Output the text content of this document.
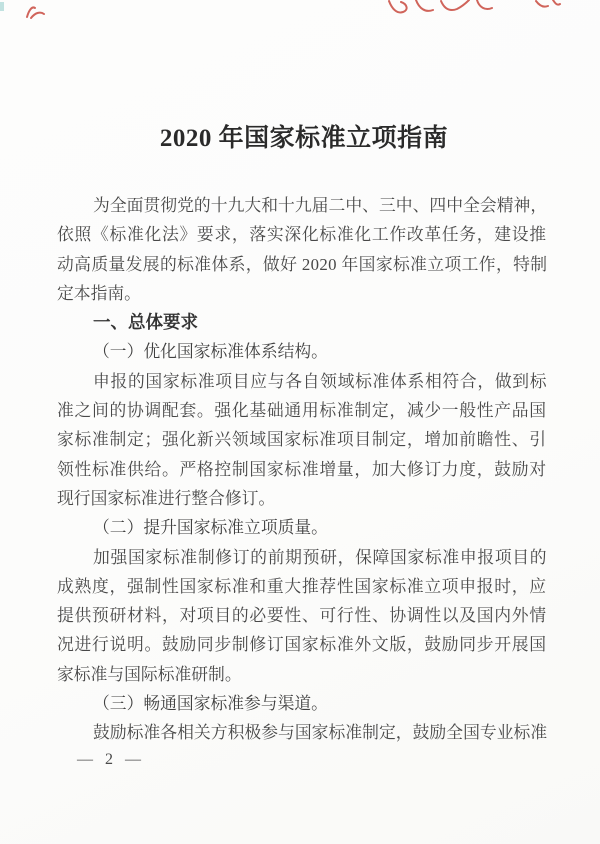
2020 年国家标准立项指南
为全面贯彻党的十九大和十九届二中、三中、四中全会精神，
依照《标准化法》要求，落实深化标准化工作改革任务，建设推
动高质量发展的标准体系，做好 2020 年国家标准立项工作，特制
定本指南。
一、总体要求
（一）优化国家标准体系结构。
申报的国家标准项目应与各自领域标准体系相符合，做到标
准之间的协调配套。强化基础通用标准制定，减少一般性产品国
家标准制定；强化新兴领域国家标准项目制定，增加前瞻性、引
领性标准供给。严格控制国家标准增量，加大修订力度，鼓励对
现行国家标准进行整合修订。
（二）提升国家标准立项质量。
加强国家标准制修订的前期预研，保障国家标准申报项目的
成熟度，强制性国家标准和重大推荐性国家标准立项申报时，应
提供预研材料，对项目的必要性、可行性、协调性以及国内外情
况进行说明。鼓励同步制修订国家标准外文版，鼓励同步开展国
家标准与国际标准研制。
（三）畅通国家标准参与渠道。
鼓励标准各相关方积极参与国家标准制定，鼓励全国专业标准
— 2 —
